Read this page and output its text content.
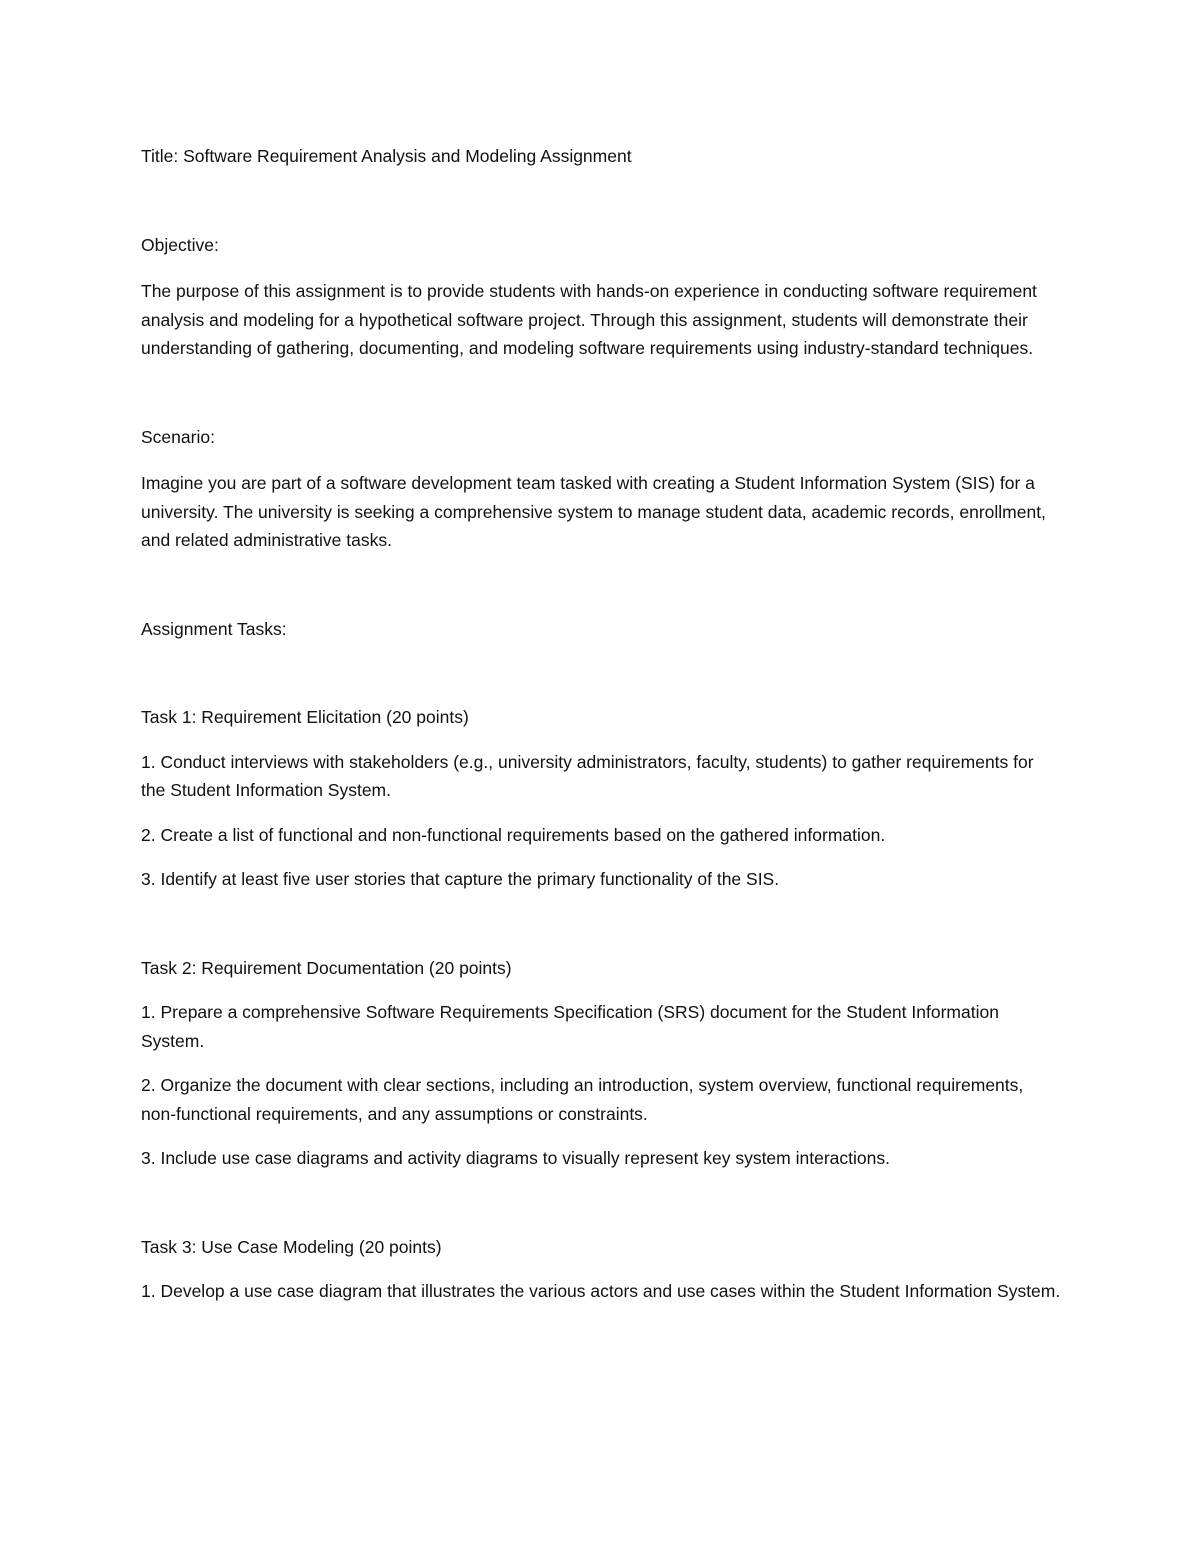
Title: Software Requirement Analysis and Modeling Assignment

Objective:

The purpose of this assignment is to provide students with hands-on experience in conducting software requirement analysis and modeling for a hypothetical software project. Through this assignment, students will demonstrate their understanding of gathering, documenting, and modeling software requirements using industry-standard techniques.

Scenario:

Imagine you are part of a software development team tasked with creating a Student Information System (SIS) for a university. The university is seeking a comprehensive system to manage student data, academic records, enrollment, and related administrative tasks.

Assignment Tasks:

Task 1: Requirement Elicitation (20 points)

1. Conduct interviews with stakeholders (e.g., university administrators, faculty, students) to gather requirements for the Student Information System.

2. Create a list of functional and non-functional requirements based on the gathered information.

3. Identify at least five user stories that capture the primary functionality of the SIS.

Task 2: Requirement Documentation (20 points)

1. Prepare a comprehensive Software Requirements Specification (SRS) document for the Student Information System.

2. Organize the document with clear sections, including an introduction, system overview, functional requirements, non-functional requirements, and any assumptions or constraints.

3. Include use case diagrams and activity diagrams to visually represent key system interactions.

Task 3: Use Case Modeling (20 points)

1. Develop a use case diagram that illustrates the various actors and use cases within the Student Information System.
